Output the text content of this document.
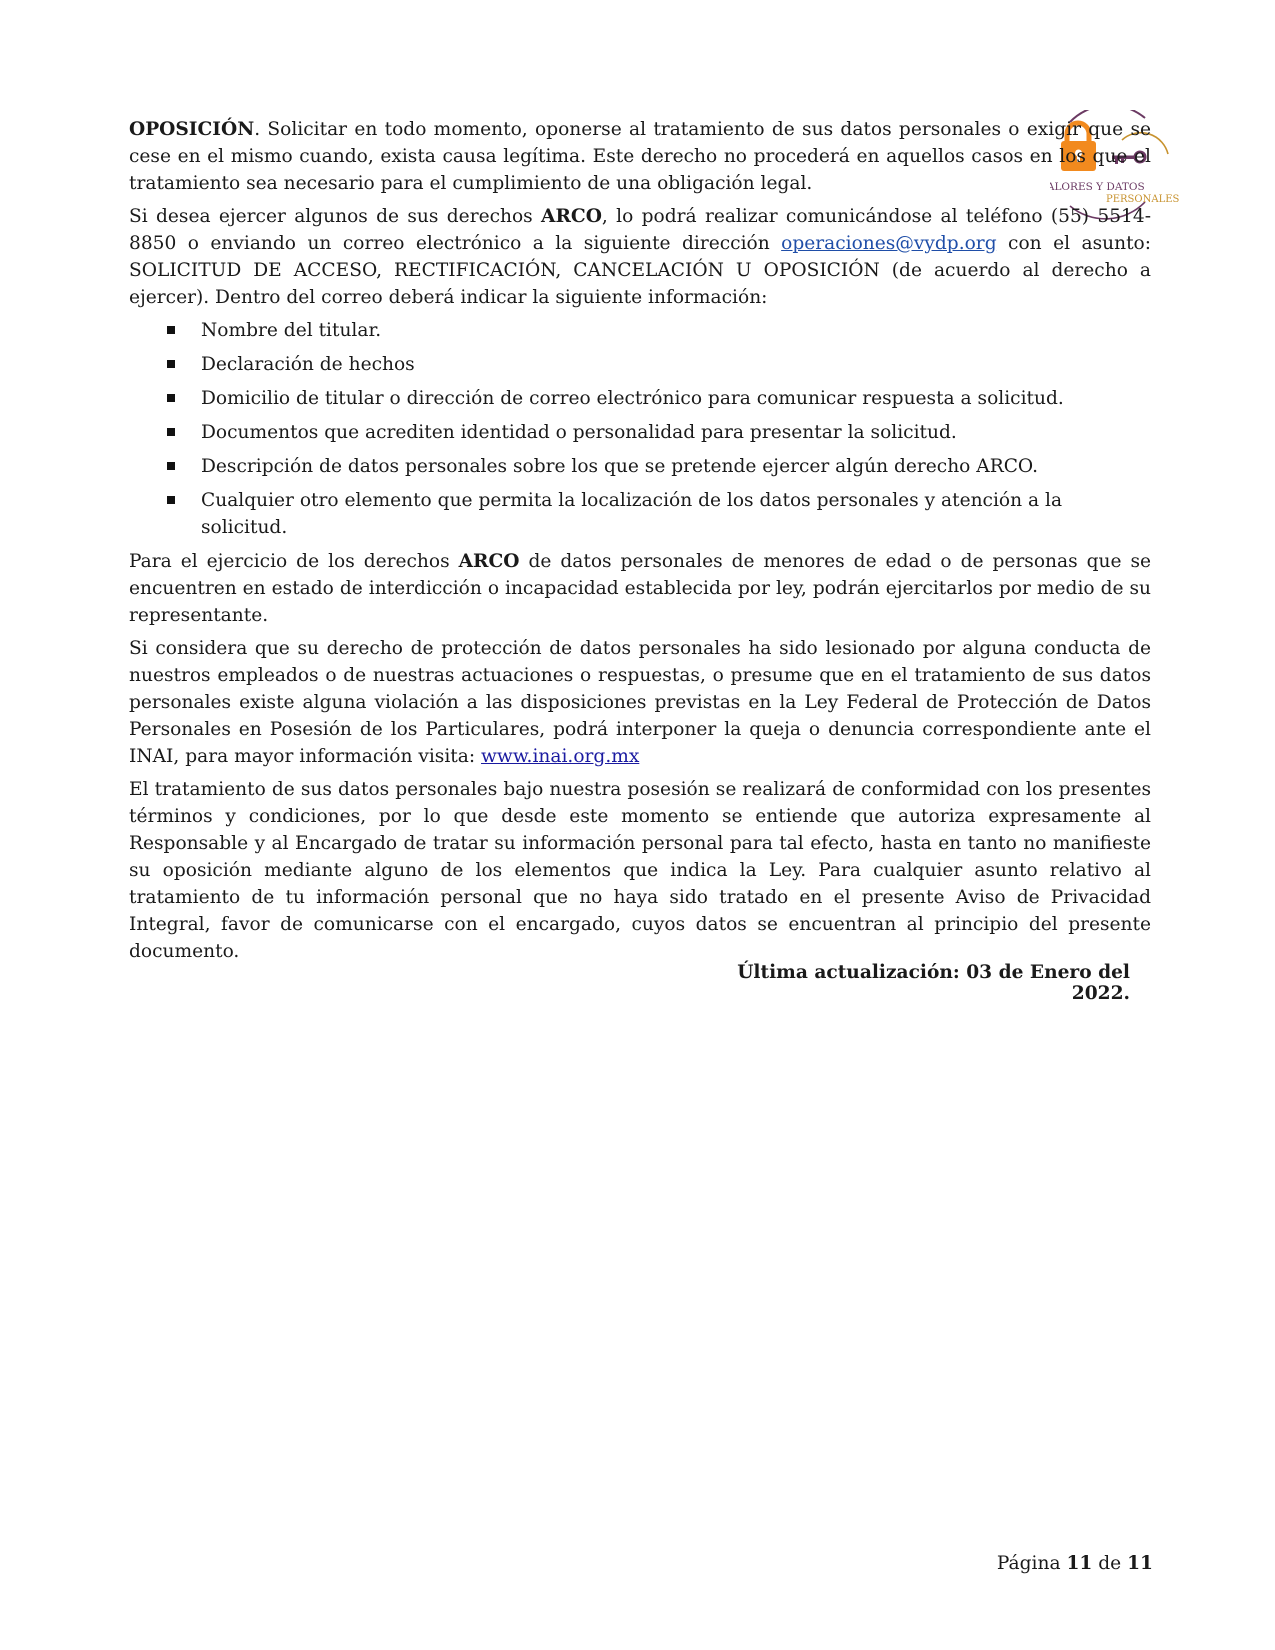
VALORES Y DATOS
PERSONALES

OPOSICIÓN. Solicitar en todo momento, oponerse al tratamiento de sus datos personales o exigir que se cese en el mismo cuando, exista causa legítima. Este derecho no procederá en aquellos casos en los que el tratamiento sea necesario para el cumplimiento de una obligación legal.

Si desea ejercer algunos de sus derechos ARCO, lo podrá realizar comunicándose al teléfono (55) 5514-8850 o enviando un correo electrónico a la siguiente dirección operaciones@vydp.org con el asunto: SOLICITUD DE ACCESO, RECTIFICACIÓN, CANCELACIÓN U OPOSICIÓN (de acuerdo al derecho a ejercer). Dentro del correo deberá indicar la siguiente información:

Nombre del titular.
Declaración de hechos
Domicilio de titular o dirección de correo electrónico para comunicar respuesta a solicitud.
Documentos que acrediten identidad o personalidad para presentar la solicitud.
Descripción de datos personales sobre los que se pretende ejercer algún derecho ARCO.
Cualquier otro elemento que permita la localización de los datos personales y atención a la solicitud.

Para el ejercicio de los derechos ARCO de datos personales de menores de edad o de personas que se encuentren en estado de interdicción o incapacidad establecida por ley, podrán ejercitarlos por medio de su representante.

Si considera que su derecho de protección de datos personales ha sido lesionado por alguna conducta de nuestros empleados o de nuestras actuaciones o respuestas, o presume que en el tratamiento de sus datos personales existe alguna violación a las disposiciones previstas en la Ley Federal de Protección de Datos Personales en Posesión de los Particulares, podrá interponer la queja o denuncia correspondiente ante el INAI, para mayor información visita: www.inai.org.mx

El tratamiento de sus datos personales bajo nuestra posesión se realizará de conformidad con los presentes términos y condiciones, por lo que desde este momento se entiende que autoriza expresamente al Responsable y al Encargado de tratar su información personal para tal efecto, hasta en tanto no manifieste su oposición mediante alguno de los elementos que indica la Ley. Para cualquier asunto relativo al tratamiento de tu información personal que no haya sido tratado en el presente Aviso de Privacidad Integral, favor de comunicarse con el encargado, cuyos datos se encuentran al principio del presente documento.

Última actualización: 03 de Enero del 2022.
Página 11 de 11
